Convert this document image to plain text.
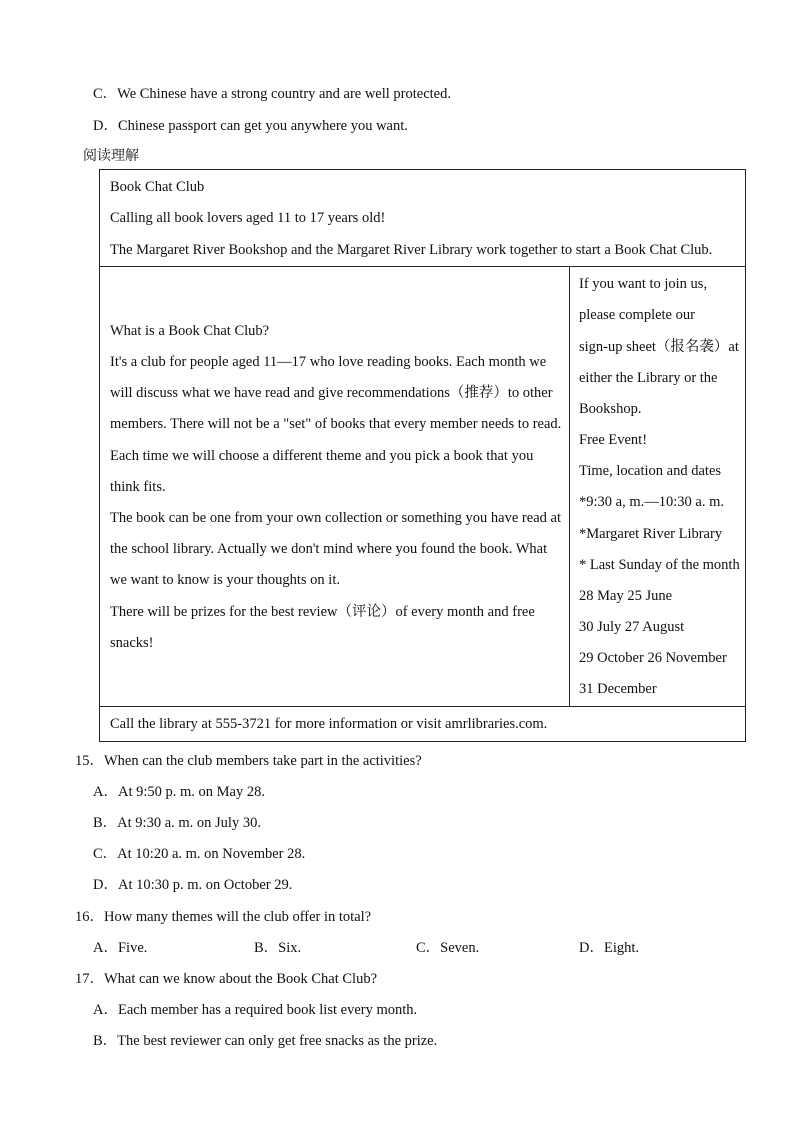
C．We Chinese have a strong country and are well protected.
D．Chinese passport can get you anywhere you want.
阅读理解
Book Chat Club
Calling all book lovers aged 11 to 17 years old!
The Margaret River Bookshop and the Margaret River Library work together to start a Book Chat Club.
What is a Book Chat Club?
It's a club for people aged 11—17 who love reading books. Each month we
will discuss what we have read and give recommendations（推荐）to other
members. There will not be a "set" of books that every member needs to read.
Each time we will choose a different theme and you pick a book that you
think fits.
The book can be one from your own collection or something you have read at
the school library. Actually we don't mind where you found the book. What
we want to know is your thoughts on it.
There will be prizes for the best review（评论）of every month and free
snacks!
If you want to join us,
please complete our
sign-up sheet（报名袭）at
either the Library or the
Bookshop.
Free Event!
Time, location and dates
*9:30 a, m.—10:30 a. m.
*Margaret River Library
* Last Sunday of the month
28 May 25 June
30 July 27 August
29 October 26 November
31 December
Call the library at 555-3721 for more information or visit amrlibraries.com.
15．When can the club members take part in the activities?
A．At 9:50 p. m. on May 28.
B．At 9:30 a. m. on July 30.
C．At 10:20 a. m. on November 28.
D．At 10:30 p. m. on October 29.
16．How many themes will the club offer in total?
A．Five.	B．Six.	C．Seven.	D．Eight.
17．What can we know about the Book Chat Club?
A．Each member has a required book list every month.
B．The best reviewer can only get free snacks as the prize.
